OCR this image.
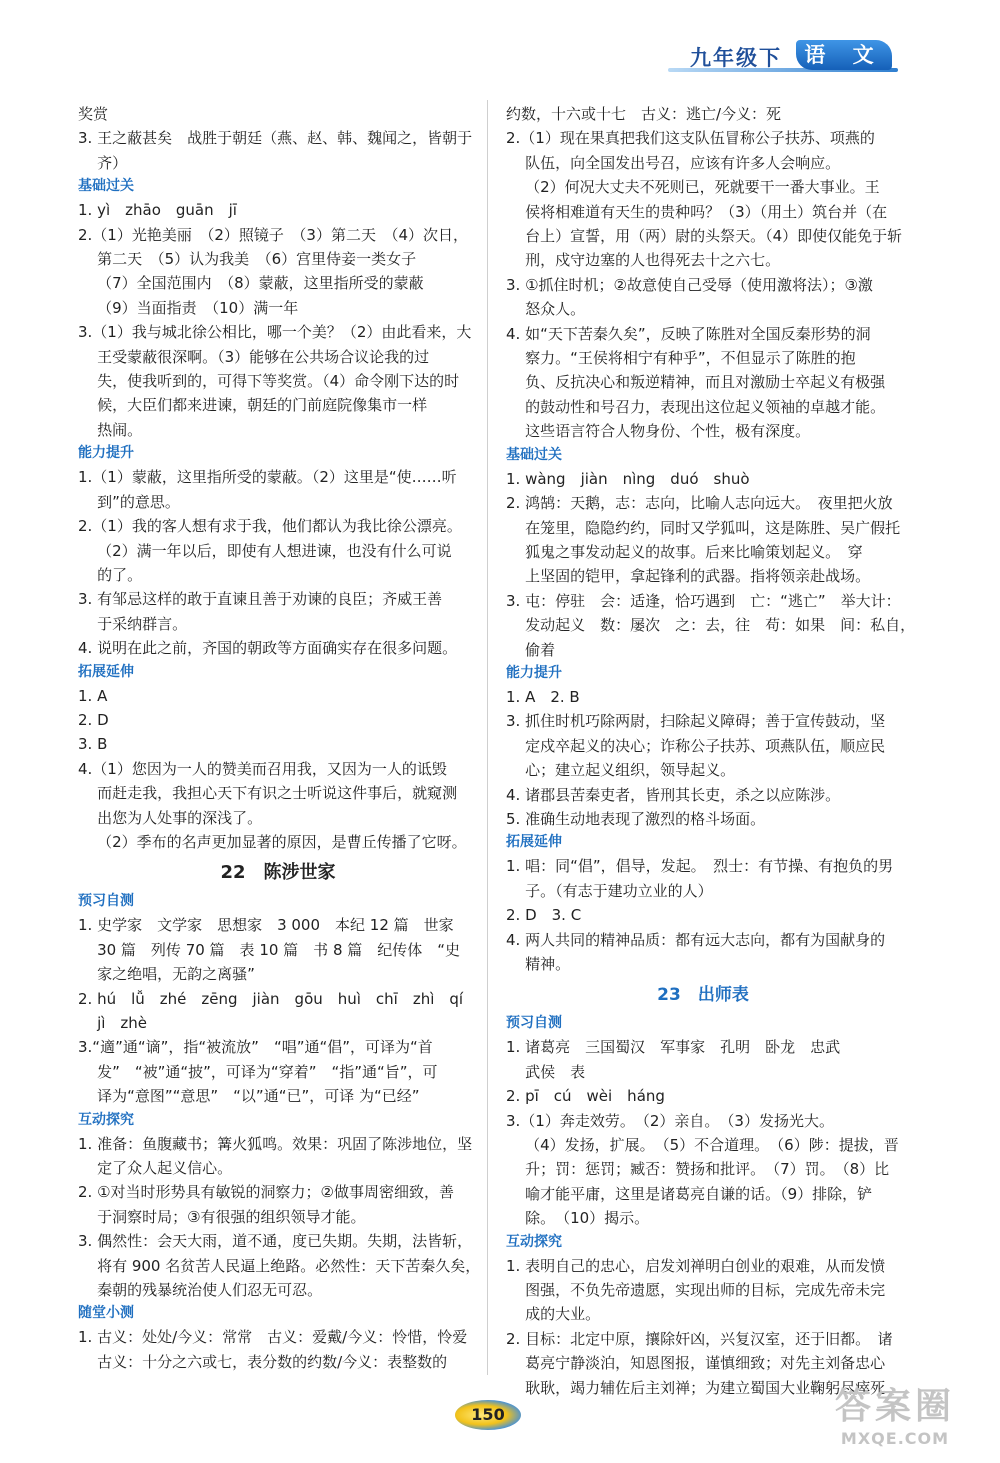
九年级下	语 文
奖赏
3. 王之蔽甚矣　战胜于朝廷（燕、赵、韩、魏闻之，皆朝于
齐）
基础过关
1. yì　zhāo　guān　jī
2.（1）光艳美丽　（2）照镜子　（3）第二天　（4）次日，
第二天　（5）认为我美　（6）宫里侍妾一类女子
（7）全国范围内　（8）蒙蔽，这里指所受的蒙蔽
（9）当面指责　（10）满一年
3.（1）我与城北徐公相比，哪一个美？（2）由此看来，大
王受蒙蔽很深啊。（3）能够在公共场合议论我的过
失，使我听到的，可得下等奖赏。（4）命令刚下达的时
候，大臣们都来进谏，朝廷的门前庭院像集市一样
热闹。
能力提升
1.（1）蒙蔽，这里指所受的蒙蔽。（2）这里是“使……听
到”的意思。
2.（1）我的客人想有求于我，他们都认为我比徐公漂亮。
（2）满一年以后，即使有人想进谏，也没有什么可说
的了。
3. 有邹忌这样的敢于直谏且善于劝谏的良臣；齐威王善
于采纳群言。
4. 说明在此之前，齐国的朝政等方面确实存在很多问题。
拓展延伸
1. A
2. D
3. B
4.（1）您因为一人的赞美而召用我，又因为一人的诋毁
而赶走我，我担心天下有识之士听说这件事后，就窥测
出您为人处事的深浅了。
（2）季布的名声更加显著的原因，是曹丘传播了它呀。
22　陈涉世家
预习自测
1. 史学家　文学家　思想家　3 000　本纪 12 篇　世家
30 篇　列传 70 篇　表 10 篇　书 8 篇　纪传体　“史
家之绝唱，无韵之离骚”
2. hú　lǚ　zhé　zēng　jiàn　gōu　huì　chī　zhì　qí
jì　zhè
3.“適”通“谪”，指“被流放”　“唱”通“倡”，可译为“首
发”　“被”通“披”，可译为“穿着”　“指”通“旨”，可
译为“意图”“意思”　“以”通“已”，可译 为“已经”
互动探究
1. 准备：鱼腹藏书；篝火狐鸣。效果：巩固了陈涉地位，坚
定了众人起义信心。
2. ①对当时形势具有敏锐的洞察力；②做事周密细致，善
于洞察时局；③有很强的组织领导才能。
3. 偶然性：会天大雨，道不通，度已失期。失期，法皆斩，
将有 900 名贫苦人民逼上绝路。必然性：天下苦秦久矣，
秦朝的残暴统治使人们忍无可忍。
随堂小测
1. 古义：处处/今义：常常　古义：爱戴/今义：怜惜，怜爱
古义：十分之六或七，表分数的约数/今义：表整数的
约数，十六或十七　古义：逃亡/今义：死
2.（1）现在果真把我们这支队伍冒称公子扶苏、项燕的
队伍，向全国发出号召，应该有许多人会响应。
（2）何况大丈夫不死则已，死就要干一番大事业。王
侯将相难道有天生的贵种吗？（3）（用土）筑台并（在
台上）宣誓，用（两）尉的头祭天。（4）即使仅能免于斩
刑，戍守边塞的人也得死去十之六七。
3. ①抓住时机；②故意使自己受辱（使用激将法）；③激
怒众人。
4. 如“天下苦秦久矣”，反映了陈胜对全国反秦形势的洞
察力。“王侯将相宁有种乎”，不但显示了陈胜的抱
负、反抗决心和叛逆精神，而且对激励士卒起义有极强
的鼓动性和号召力，表现出这位起义领袖的卓越才能。
这些语言符合人物身份、个性，极有深度。
基础过关
1. wàng　jiàn　nìng　duó　shuò
2. 鸿鹄：天鹅，志：志向，比喻人志向远大。　夜里把火放
在笼里，隐隐约约，同时又学狐叫，这是陈胜、吴广假托
狐鬼之事发动起义的故事。后来比喻策划起义。　穿
上坚固的铠甲，拿起锋利的武器。指将领亲赴战场。
3. 屯：停驻　会：适逢，恰巧遇到　亡：“逃亡”　举大计：
发动起义　数：屡次　之：去，往　苟：如果　间：私自，
偷着
能力提升
1. A　2. B
3. 抓住时机巧除两尉，扫除起义障碍；善于宣传鼓动，坚
定戍卒起义的决心；诈称公子扶苏、项燕队伍，顺应民
心；建立起义组织，领导起义。
4. 诸郡县苦秦吏者，皆刑其长吏，杀之以应陈涉。
5. 准确生动地表现了激烈的格斗场面。
拓展延伸
1. 唱：同“倡”，倡导，发起。　烈士：有节操、有抱负的男
子。（有志于建功立业的人）
2. D　3. C
4. 两人共同的精神品质：都有远大志向，都有为国献身的
精神。
23　出师表
预习自测
1. 诸葛亮　三国蜀汉　军事家　孔明　卧龙　忠武
武侯　表
2. pī　cú　wèi　háng
3.（1）奔走效劳。　（2）亲自。　（3）发扬光大。
（4）发扬，扩展。　（5）不合道理。　（6）陟：提拔，晋
升；罚：惩罚；臧否：赞扬和批评。　（7）罚。　（8）比
喻才能平庸，这里是诸葛亮自谦的话。（9）排除，铲
除。　（10）揭示。
互动探究
1. 表明自己的忠心，启发刘禅明白创业的艰难，从而发愤
图强，不负先帝遗愿，实现出师的目标，完成先帝未完
成的大业。
2. 目标：北定中原，攘除奸凶，兴复汉室，还于旧都。　诸
葛亮宁静淡泊，知恩图报，谨慎细致；对先主刘备忠心
耿耿，竭力辅佐后主刘禅；为建立蜀国大业鞠躬尽瘁死
150	答案圈
MXQE.COM
